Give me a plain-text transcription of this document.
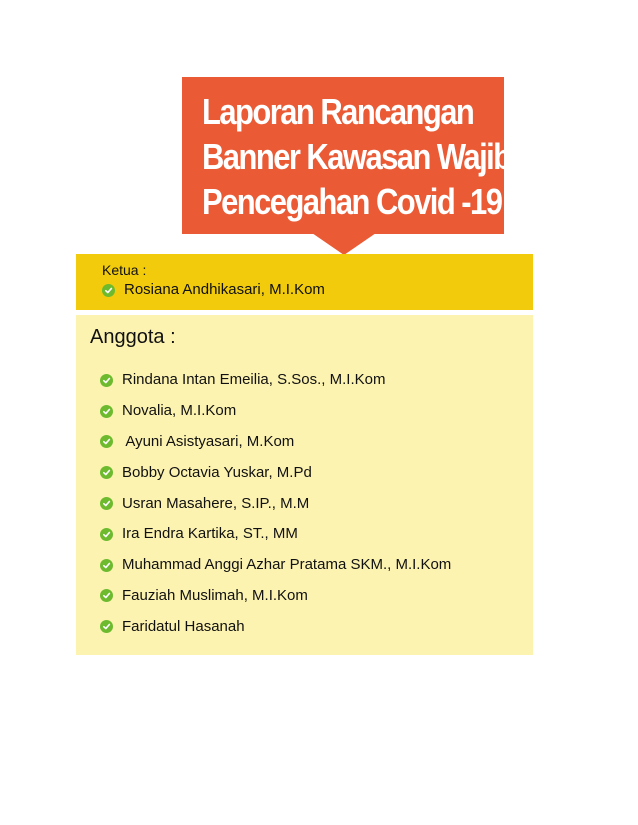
Laporan Rancangan
Banner Kawasan Wajib
Pencegahan Covid -19
Ketua :
Rosiana Andhikasari, M.I.Kom
Anggota :
Rindana Intan Emeilia, S.Sos., M.I.Kom
Novalia, M.I.Kom
Ayuni Asistyasari, M.Kom
Bobby Octavia Yuskar, M.Pd
Usran Masahere, S.IP., M.M
Ira Endra Kartika, ST., MM
Muhammad Anggi Azhar Pratama SKM., M.I.Kom
Fauziah Muslimah, M.I.Kom
Faridatul Hasanah
